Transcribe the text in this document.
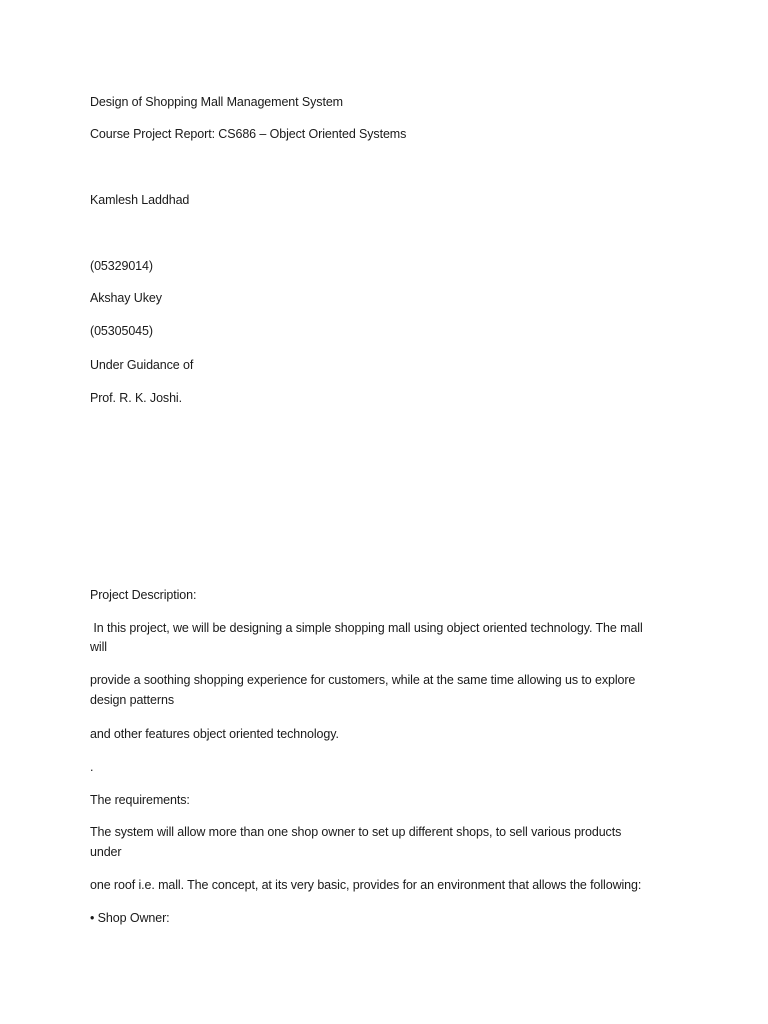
Design of Shopping Mall Management System
Course Project Report: CS686 – Object Oriented Systems
Kamlesh Laddhad
(05329014)
Akshay Ukey
(05305045)
Under Guidance of
Prof. R. K. Joshi.
Project Description:
In this project, we will be designing a simple shopping mall using object oriented technology. The mall
will
provide a soothing shopping experience for customers, while at the same time allowing us to explore
design patterns
and other features object oriented technology.
.
The requirements:
The system will allow more than one shop owner to set up different shops, to sell various products
under
one roof i.e. mall. The concept, at its very basic, provides for an environment that allows the following:
• Shop Owner:
